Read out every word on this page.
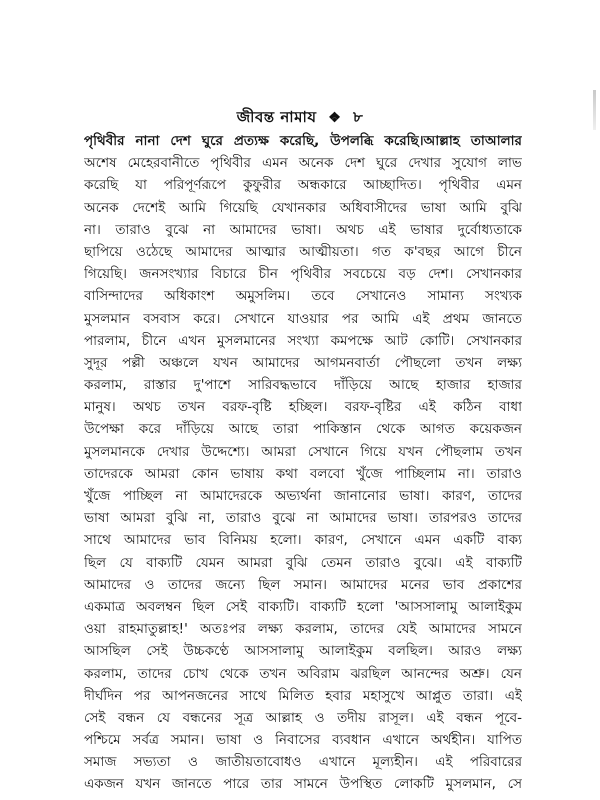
জীবন্ত নামায ❖ ৮
পৃথিবীর নানা দেশ ঘুরে প্রত্যক্ষ করেছি, উপলব্ধি করেছি।আল্লাহ তাআলার
অশেষ মেহেরবানীতে পৃথিবীর এমন অনেক দেশ ঘুরে দেখার সুযোগ লাভ
করেছি যা পরিপূর্ণরূপে কুফুরীর অন্ধকারে আচ্ছাদিত। পৃথিবীর এমন
অনেক দেশেই আমি গিয়েছি যেখানকার অধিবাসীদের ভাষা আমি বুঝি
না। তারাও বুঝে না আমাদের ভাষা। অথচ এই ভাষার দুর্বোধ্যতাকে
ছাপিয়ে ওঠেছে আমাদের আত্মার আত্মীয়তা। গত ক'বছর আগে চীনে
গিয়েছি। জনসংখ্যার বিচারে চীন পৃথিবীর সবচেয়ে বড় দেশ। সেখানকার
বাসিন্দাদের অধিকাংশ অমুসলিম। তবে সেখানেও সামান্য সংখ্যক
মুসলমান বসবাস করে। সেখানে যাওয়ার পর আমি এই প্রথম জানতে
পারলাম, চীনে এখন মুসলমানের সংখ্যা কমপক্ষে আট কোটি। সেখানকার
সুদূর পল্লী অঞ্চলে যখন আমাদের আগমনবার্তা পৌছলো তখন লক্ষ্য
করলাম, রাস্তার দু'পাশে সারিবদ্ধভাবে দাঁড়িয়ে আছে হাজার হাজার
মানুষ। অথচ তখন বরফ-বৃষ্টি হচ্ছিল। বরফ-বৃষ্টির এই কঠিন বাধা
উপেক্ষা করে দাঁড়িয়ে আছে তারা পাকিস্তান থেকে আগত কয়েকজন
মুসলমানকে দেখার উদ্দেশ্যে। আমরা সেখানে গিয়ে যখন পৌছলাম তখন
তাদেরকে আমরা কোন ভাষায় কথা বলবো খুঁজে পাচ্ছিলাম না। তারাও
খুঁজে পাচ্ছিল না আমাদেরকে অভ্যর্থনা জানানোর ভাষা। কারণ, তাদের
ভাষা আমরা বুঝি না, তারাও বুঝে না আমাদের ভাষা। তারপরও তাদের
সাথে আমাদের ভাব বিনিময় হলো। কারণ, সেখানে এমন একটি বাক্য
ছিল যে বাক্যটি যেমন আমরা বুঝি তেমন তারাও বুঝে। এই বাক্যটি
আমাদের ও তাদের জন্যে ছিল সমান। আমাদের মনের ভাব প্রকাশের
একমাত্র অবলম্বন ছিল সেই বাক্যটি। বাক্যটি হলো 'আসসালামু আলাইকুম
ওয়া রাহমাতুল্লাহ!' অতঃপর লক্ষ্য করলাম, তাদের যেই আমাদের সামনে
আসছিল সেই উচ্চকণ্ঠে আসসালামু আলাইকুম বলছিল। আরও লক্ষ্য
করলাম, তাদের চোখ থেকে তখন অবিরাম ঝরছিল আনন্দের অশ্রু। যেন
দীর্ঘদিন পর আপনজনের সাথে মিলিত হবার মহাসুখে আপ্লুত তারা। এই
সেই বন্ধন যে বন্ধনের সূত্র আল্লাহ ও তদীয় রাসূল। এই বন্ধন পূবে-
পশ্চিমে সর্বত্র সমান। ভাষা ও নিবাসের ব্যবধান এখানে অর্থহীন। যাপিত
সমাজ সভ্যতা ও জাতীয়তাবোধও এখানে মূল্যহীন। এই পরিবারের
একজন যখন জানতে পারে তার সামনে উপস্থিত লোকটি মুসলমান, সে
